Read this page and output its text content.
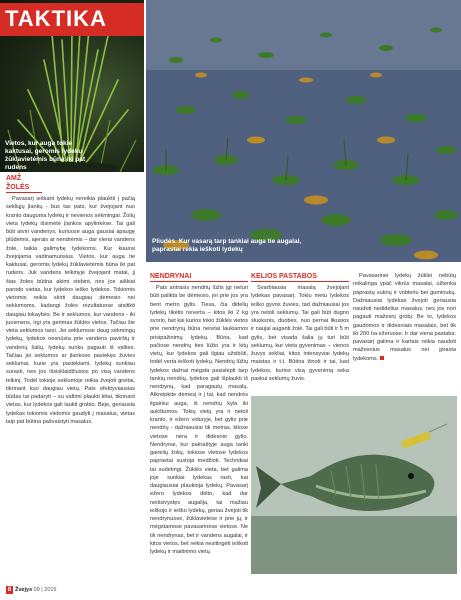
TAKTIKA
Vietos, kur auga tokie kaktusai, geromis lydekų žūklavietėmis būna iki pat rudens
Pliudės. Kur vasarą tarp tankiai auga tie augalai, paprastai rekia ieškoti lydekų
AMŽ ŽOLĖS

Pavasarį ieškant lydekų nereikia plauktii į pačią sekliųjų įlankų - bus tas pats, kur žvejojant nuo kranto dauguma lydekų ir nevienos sėkmingai. Žolių vieta lydekų išsimėtė įlankos apylinkėse. Tai gali būti atviri vandenys, kuriuose auga gausiai apaugę plūdėmis, ajerais ar nendrėmis – dar viena vandens žolė, taikia galimybę lydekoms. Kur kiaurai žvejojama vadinamuosius. Vietos, kur auga tie kaktusai, geromis lydekų žūklavietėmis būna iki pat rudens. Juk vandens telkinyje žvejojant matai, jį šias žoles būtina akimi stebint, nes jos aiškiai parodo vietas, kur lydekos ieško lydekos. Tokiomis vietomis reikia skirti daugiau dėmesio nei seklumoms, kadangi žolės rezultatuose atsitikti daugiau lokaybės. Be ir seklumos, kur vandens - iki juosmens, irgi yra gerimas žūklės vietos. Tačiau šie vieta seklumos tarsi. Jei seklumose daug sėkmingų lydekų, lydekos nesnūsta prie vandens paviršių ir vandenų šalių, lydekų sunku pagauti iš valties. Tačiau jei seklumos ar įlankose pasiekęs žuvies seklumai, kurie yra pasiekiami, lydekų sunkiau surasti, nes jos išsisklaidžiusios po visą vandens telkinį. Todėl tokioje seklumoje reikia žvejoti greitai, tikrinant kuo daugiau vietų. Pats efektyviausias būdas tai padaryti – su valtimi plaukti lėtai, tikrinant vietas, kur lydekos gali laukti grobio. Beje, geriausia lydekas tokiomis vietomis gaudyti į masalus, vietas taip pat būtina pašvaistyti masalus.

NENDRYNAI

Pats antrasis nendrių lūžis įgi neturi būti palikta be dėmesio, jei prie jos yra bent metro gylis. Tiesa, čia didelių lydekų tikėtis neverta – kitos iki 2 kg svorio, bet kai kurios tokio žūklės vietos prie nendrynų būna neretai laukiamos prisipažinimų lydekų. Būna, kad pačiose nendrių ties lūžio yra ir kitų vietų, kur lydekos gali ilgiau užsibūti, todėl verta ieškoti lydekų. Nendrių lūžių lydekos dažnai mėgsta pasislėpti tarp tankių nendrių, lydekos gali išplaukti iš nendrynų, kad paragautų masalų. Atkreipkite dėmesį ir į tai, kad nendrės ilgainiui auga, iš nendrių kyla iki aukštumos. Tokių vietų yra ir netoli kranto, ir ežero viduryje, bet gylis prie nendrių - dažniausiai tik metras, kitose vietose nėra ir didesnio gylio. Nendrynai, kur pakraštyje auga tanki gairelių žolių, tokiose vietose lydekos paprastai sustoja medžioti. Technikiai tai sudėtingi. Žūklės vieta, bet galima joje sunkiai lydekas rasti, kai daugiausiai plaukioja lydekų. Pavasarį ežero lydekos dėlto, kad dar neišsivystęs augalija, tai mažiau ieškojo ir ieško lydekų, geriau žvejoti tik nendrynuose, žūklavietėse ir prie jų, ir mėgstamose pavasarinėse vietose. Ne tik nendrynas, bet ir vandens augalai, ir kitos vietos, bet reikia nesitingėti ieškoti lydekų ir maitinimo vietų.

KELIOS PASTABOS

Svarbiausia masalą žvejojant lydekas pavasarį. Tokiu metu lydekos ieško gyvos žuvies, tad dažniausiai jos yra netoli seklumų. Tai gali būti dugno sluoksnis, duobės, nuo pernai likusios ir naujai auganti žolė. Tai gali būti ir 5 m gylis, bet visada šalia jų turi būti seklumų, kur vieta gyvenimas – vienos žuvys sekliai, kitos intensyviai lydekų maistas ir t.t. Būtina žinoti ir tai, kad lydekos, kurios visą gyvenimą seka paskui seklumų žuvis.

Pavasarinei lydekų žūklei nebūtų reikalinga ypač vikrūs masalai, užtenka paprastų sukrių ir vobleriu bei guminukų. Dažniausiai lydekas žvejoti geriausia naudoti nedidelius masalus, nes jos nori pagauti mažesnį grobį. Be to, lydekos gaudomos ir didesniais masalais, bet tik iki 200 ha ežeruose. Ir dar viena pastaba: pavasarį galima ir kartais reikia naudoti mažesnius masalus nei įprasta lydekoms.

8 Žvejys 09 | 2015
